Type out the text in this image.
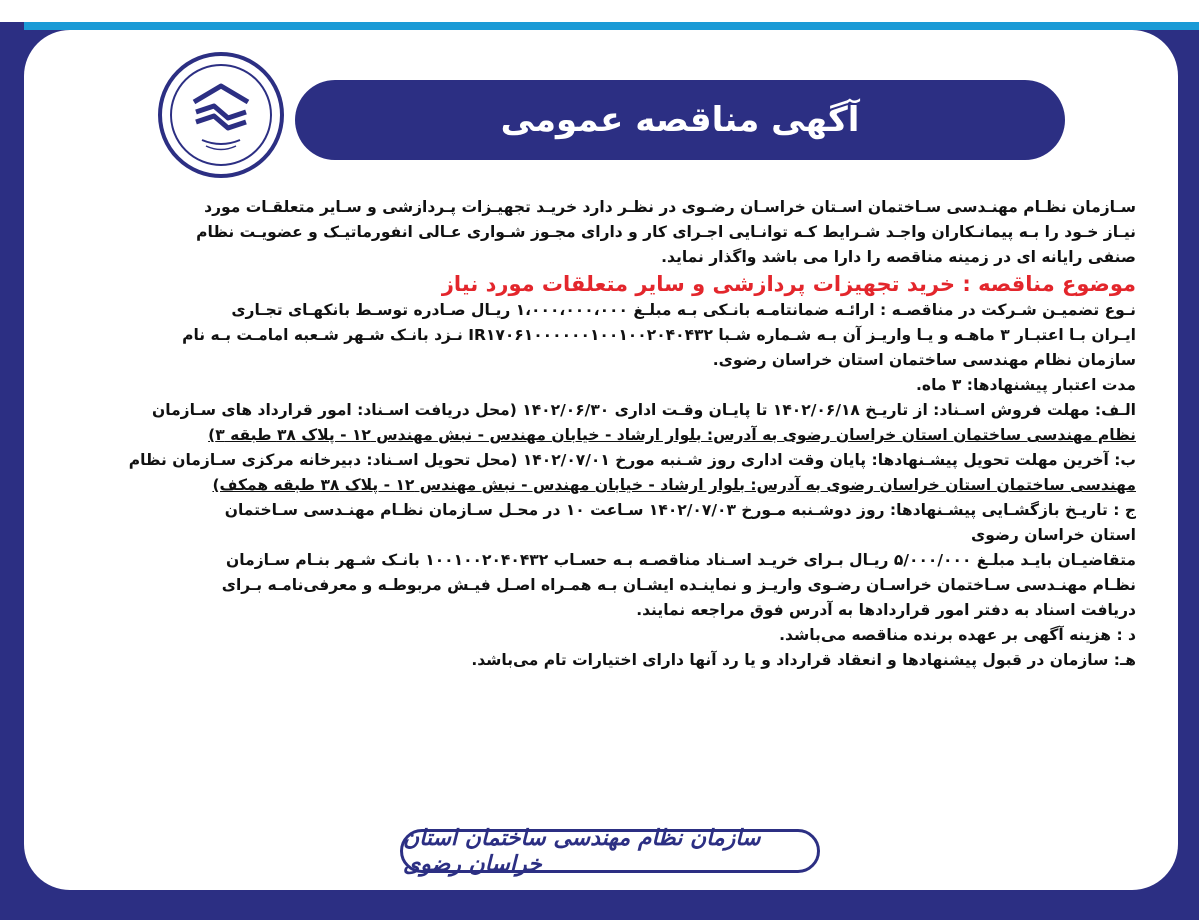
آگهی مناقصه عمومی
سـازمان نظـام مهنـدسی سـاختمان اسـتان خراسـان رضـوی در نظـر دارد خریـد تجهیـزات پـردازشی و سـایر متعلقـات مورد
نیـاز خـود را بـه پیمانـکاران واجـد شـرایط کـه توانـایی اجـرای کار و دارای مجـوز شـواری عـالی انفورماتیـک و عضویـت نظام
صنفی رایانه ای در زمینه مناقصه را دارا می باشد واگذار نماید.
موضوع مناقصه : خرید تجهیزات پردازشی و سایر متعلقات مورد نیاز
نـوع تضمیـن شـرکت در مناقصـه : ارائـه ضمانتامـه بانـکی بـه مبلـغ ۱،۰۰۰،۰۰۰،۰۰۰ ریـال صـادره توسـط بانکهـای تجـاری
ایـران بـا اعتبـار ۳ ماهـه و یـا واریـز آن بـه شـماره شـبا IR۱۷۰۶۱۰۰۰۰۰۰۱۰۰۱۰۰۲۰۴۰۴۳۲ نـزد بانـک شـهر شـعبه امامـت بـه نام
سازمان نظام مهندسی ساختمان استان خراسان رضوی.
مدت اعتبار پیشنهادها: ۳ ماه.
الـف: مهلت فروش اسـناد: از تاریـخ ۱۴۰۲/۰۶/۱۸ تا پایـان وقـت اداری ۱۴۰۲/۰۶/۳۰ (محل دریافت اسـناد: امور قرارداد های سـازمان
نظام مهندسی ساختمان استان خراسان رضوی به آدرس: بلوار ارشاد - خیابان مهندس - نبش مهندس ۱۲ - پلاک ۳۸ طبقه ۳)
ب: آخرین مهلت تحویل پیشـنهادها: پایان وقت اداری روز شـنبه مورخ ۱۴۰۲/۰۷/۰۱ (محل تحویل اسـناد: دبیرخانه مرکزی سـازمان نظام
مهندسی ساختمان استان خراسان رضوی به آدرس: بلوار ارشاد - خیابان مهندس - نبش مهندس ۱۲ - پلاک ۳۸ طبقه همکف)
ج : تاریـخ بازگشـایی پیشـنهادها: روز دوشـنبه مـورخ ۱۴۰۲/۰۷/۰۳ سـاعت ۱۰ در محـل سـازمان نظـام مهنـدسی سـاختمان
استان خراسان رضوی
متقاضیـان بایـد مبلـغ ۵/۰۰۰/۰۰۰ ریـال بـرای خریـد اسـناد مناقصـه بـه حسـاب ۱۰۰۱۰۰۲۰۴۰۴۳۲ بانـک شـهر بنـام سـازمان
نظـام مهنـدسی سـاختمان خراسـان رضـوی واریـز و نماینـده ایشـان بـه همـراه اصـل فیـش مربوطـه و معرفی‌نامـه بـرای
دریافت اسناد به دفتر امور قراردادها به آدرس فوق مراجعه نمایند.
د : هزینه آگهی بر عهده برنده مناقصه می‌باشد.
هـ: سازمان در قبول پیشنهادها و انعقاد قرارداد و یا رد آنها دارای اختیارات تام می‌باشد.
سازمان نظام مهندسی ساختمان استان خراسان رضوی
